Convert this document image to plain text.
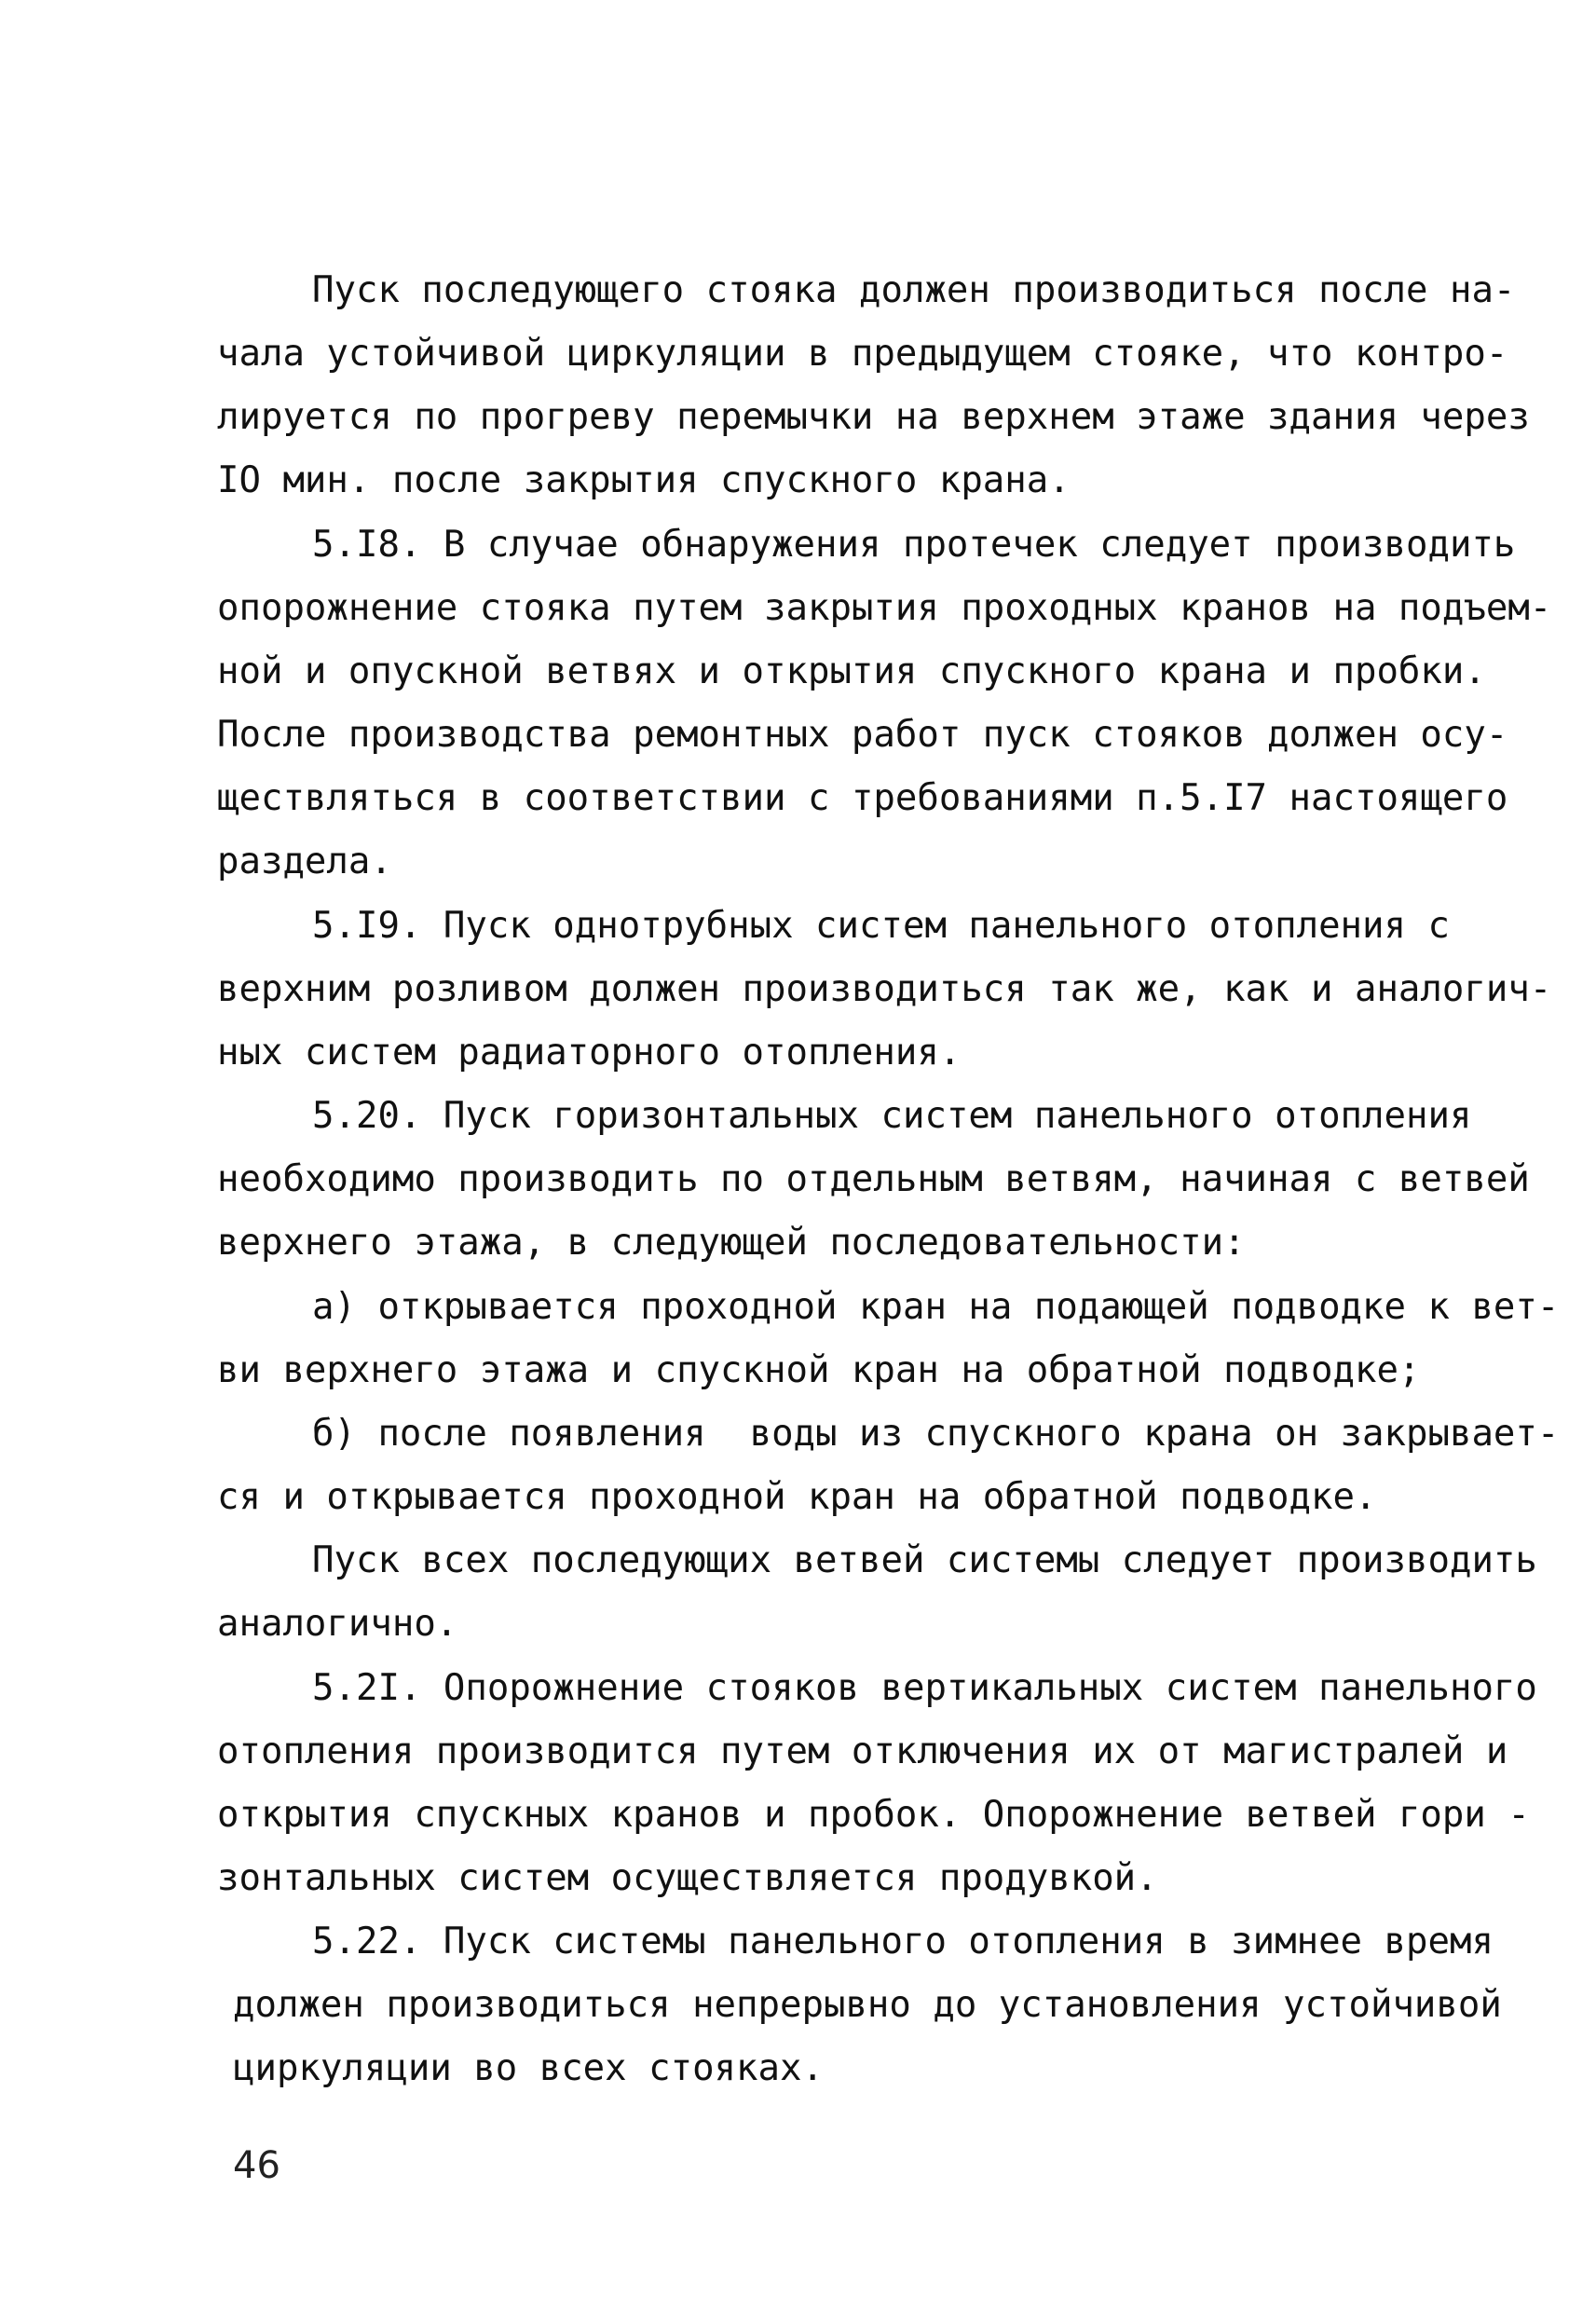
Пуск последующего стояка должен производиться после на-
чала устойчивой циркуляции в предыдущем стояке, что контро-
лируется по прогреву перемычки на верхнем этаже здания через
IO мин. после закрытия спускного крана.
5.I8. В случае обнаружения протечек следует производить
опорожнение стояка путем закрытия проходных кранов на подъем-
ной и опускной ветвях и открытия спускного крана и пробки.
После производства ремонтных работ пуск стояков должен осу-
ществляться в соответствии с требованиями п.5.I7 настоящего
раздела.
5.I9. Пуск однотрубных систем панельного отопления с
верхним розливом должен производиться так же, как и аналогич-
ных систем радиаторного отопления.
5.20. Пуск горизонтальных систем панельного отопления
необходимо производить по отдельным ветвям, начиная с ветвей
верхнего этажа, в следующей последовательности:
а) открывается проходной кран на подающей подводке к вет-
ви верхнего этажа и спускной кран на обратной подводке;
б) после появления  воды из спускного крана он закрывает-
ся и открывается проходной кран на обратной подводке.
Пуск всех последующих ветвей системы следует производить
аналогично.
5.2I. Опорожнение стояков вертикальных систем панельного
отопления производится путем отключения их от магистралей и
открытия спускных кранов и пробок. Опорожнение ветвей гори -
зонтальных систем осуществляется продувкой.
5.22. Пуск системы панельного отопления в зимнее время
должен производиться непрерывно до установления устойчивой
циркуляции во всех стояках.
46
